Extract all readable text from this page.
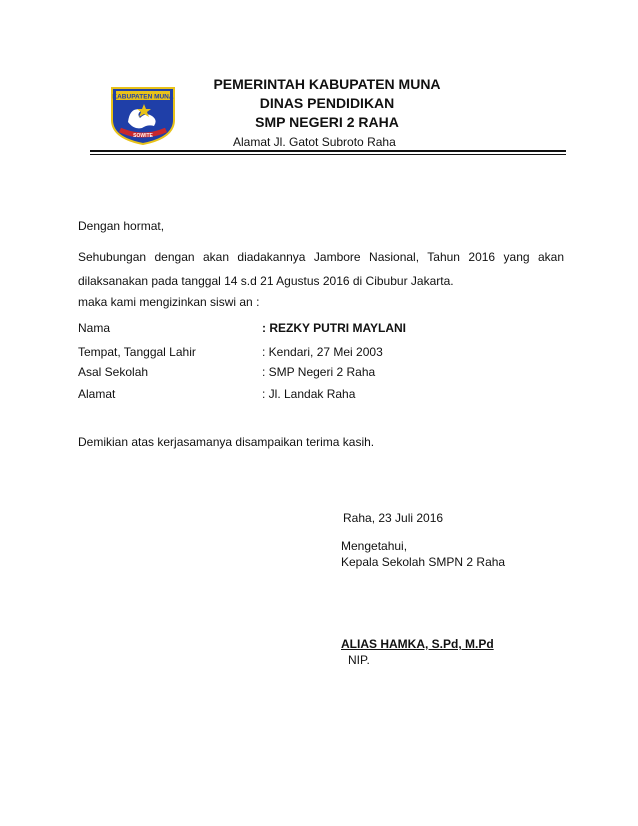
KABUPATEN MUNA
SOWITE
PEMERINTAH KABUPATEN MUNA
DINAS PENDIDIKAN
SMP NEGERI 2 RAHA
Alamat Jl. Gatot Subroto Raha
Dengan hormat,
Sehubungan dengan akan diadakannya Jambore Nasional, Tahun 2016 yang akan
dilaksanakan pada tanggal 14 s.d 21 Agustus 2016 di Cibubur Jakarta.
maka kami mengizinkan siswi an :
Nama	: REZKY PUTRI MAYLANI
Tempat, Tanggal Lahir	: Kendari, 27 Mei 2003
Asal Sekolah	: SMP Negeri 2 Raha
Alamat	: Jl. Landak Raha
Demikian atas kerjasamanya disampaikan terima kasih.
Raha, 23 Juli 2016
Mengetahui,
Kepala Sekolah SMPN 2 Raha
ALIAS HAMKA, S.Pd, M.Pd
NIP.
